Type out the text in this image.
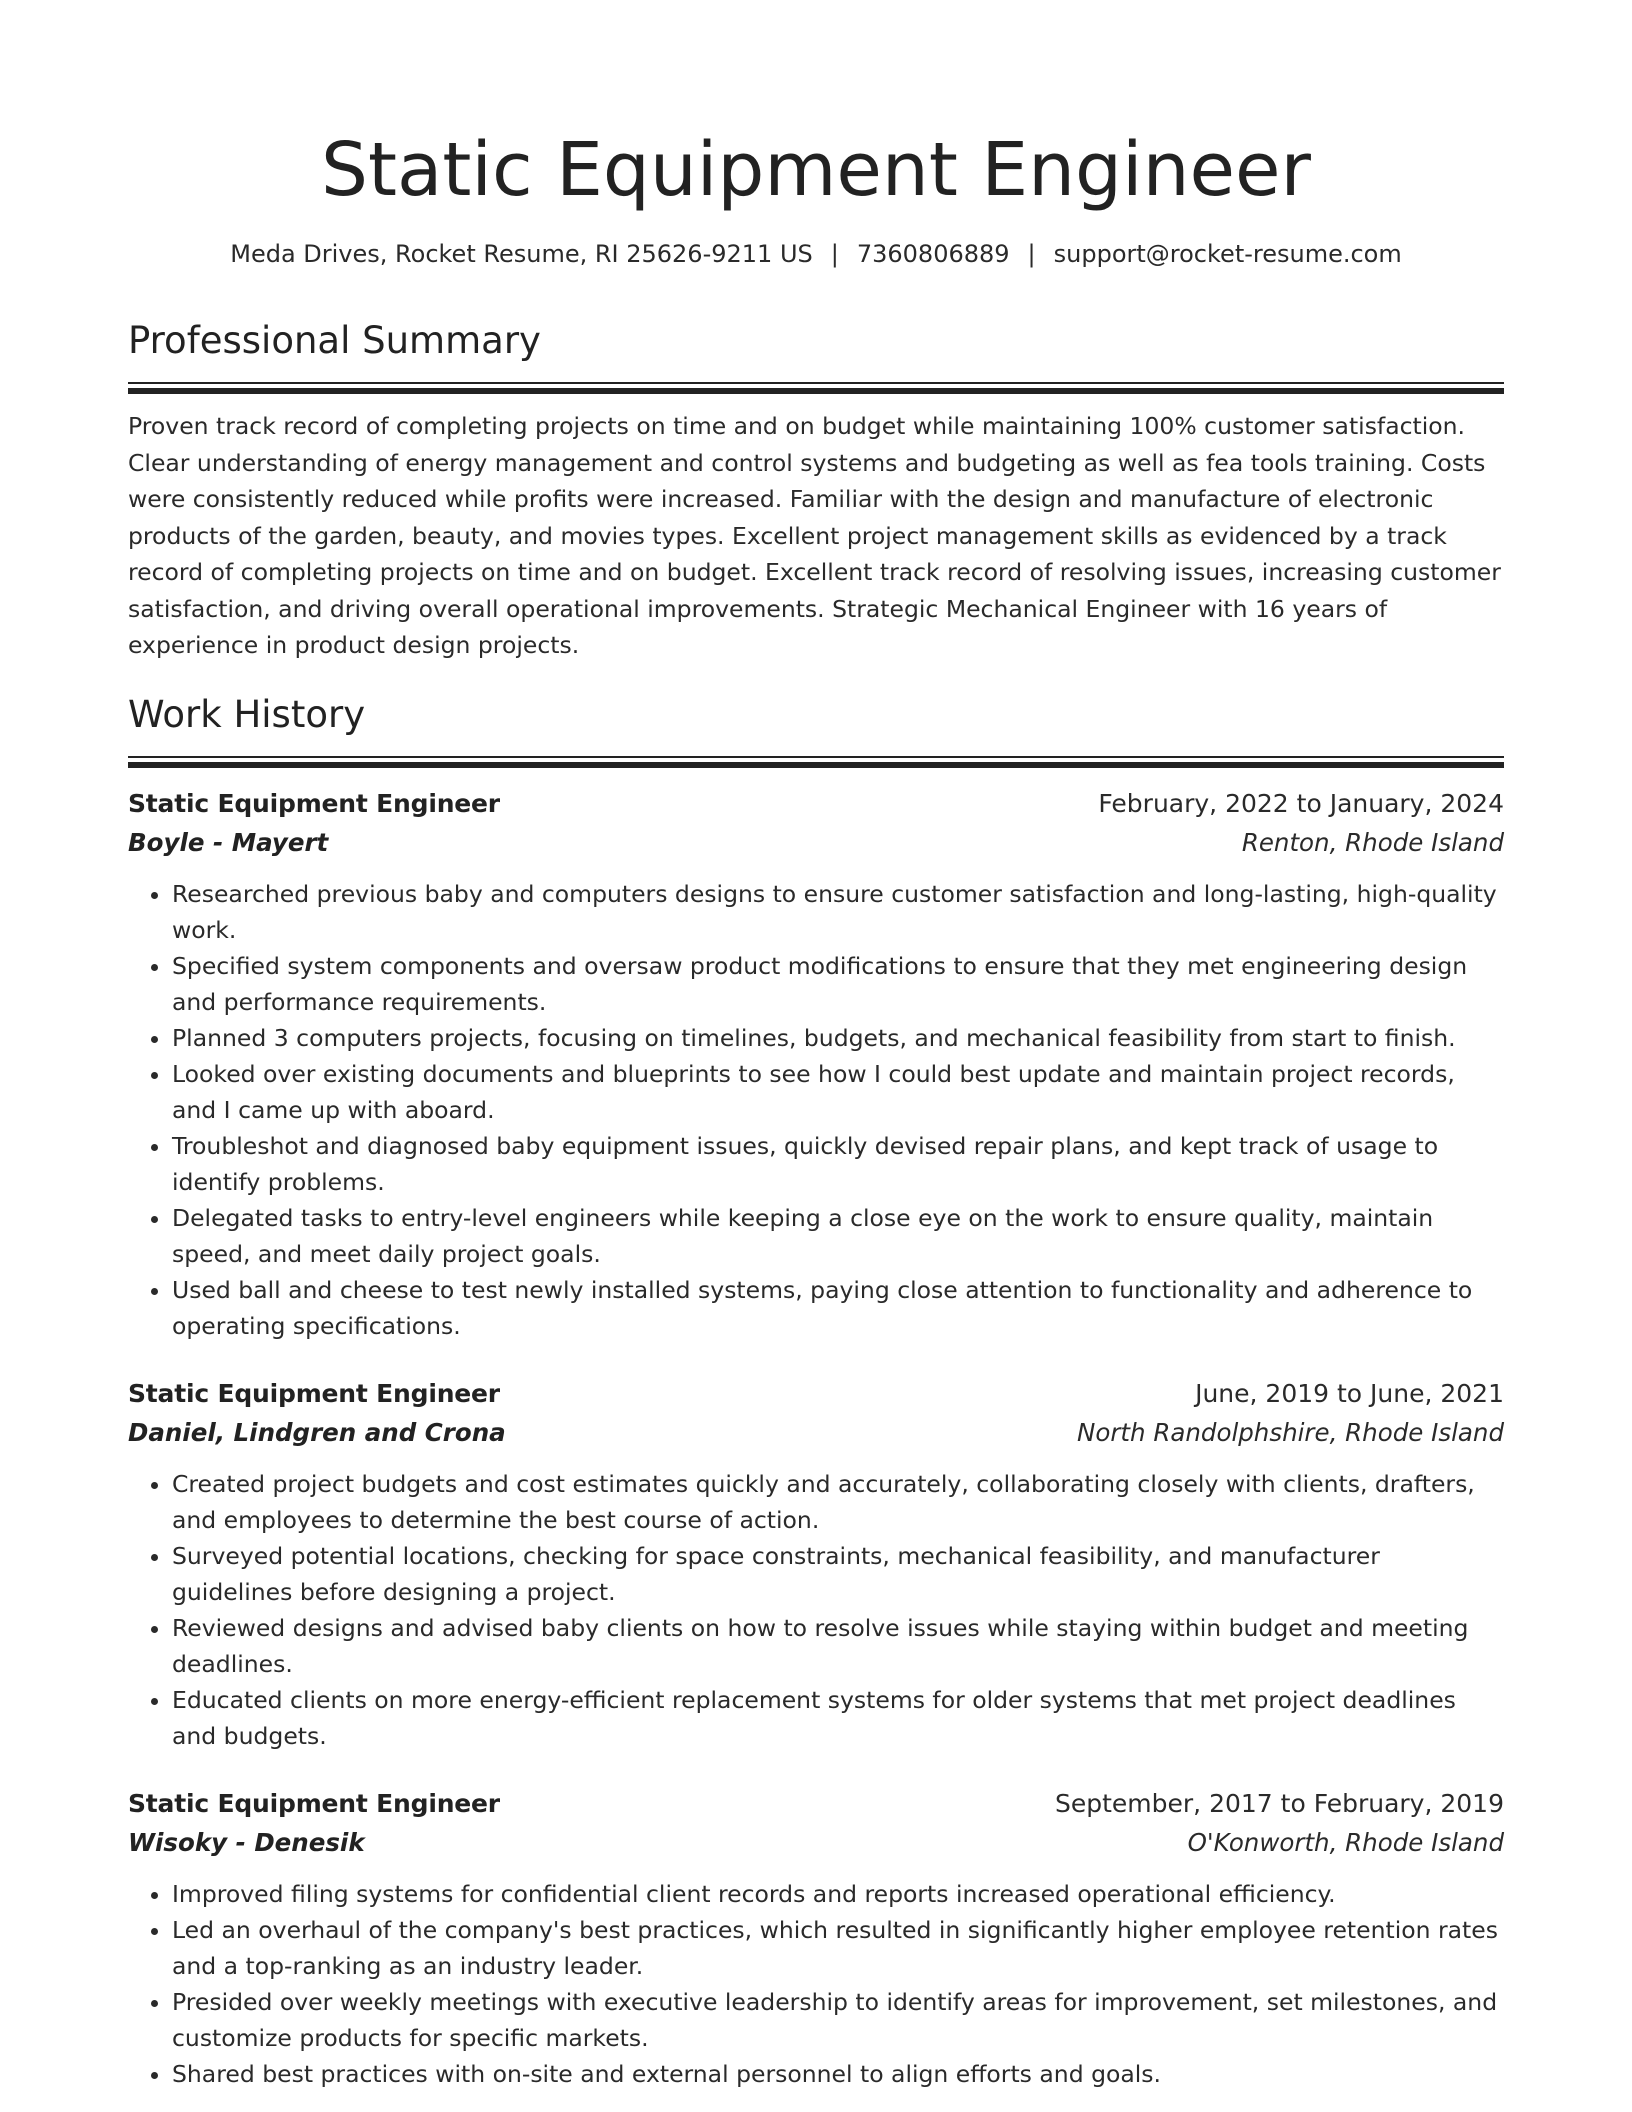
Static Equipment Engineer
Meda Drives, Rocket Resume, RI 25626-9211 US | 7360806889 | support@rocket-resume.com
Professional Summary

Proven track record of completing projects on time and on budget while maintaining 100% customer satisfaction. Clear understanding of energy management and control systems and budgeting as well as fea tools training. Costs were consistently reduced while profits were increased. Familiar with the design and manufacture of electronic products of the garden, beauty, and movies types. Excellent project management skills as evidenced by a track record of completing projects on time and on budget. Excellent track record of resolving issues, increasing customer satisfaction, and driving overall operational improvements. Strategic Mechanical Engineer with 16 years of experience in product design projects.

Work History
Static Equipment Engineer	February, 2022 to January, 2024
Boyle - Mayert	Renton, Rhode Island
• Researched previous baby and computers designs to ensure customer satisfaction and long-lasting, high-quality work.
• Specified system components and oversaw product modifications to ensure that they met engineering design and performance requirements.
• Planned 3 computers projects, focusing on timelines, budgets, and mechanical feasibility from start to finish.
• Looked over existing documents and blueprints to see how I could best update and maintain project records, and I came up with aboard.
• Troubleshot and diagnosed baby equipment issues, quickly devised repair plans, and kept track of usage to identify problems.
• Delegated tasks to entry-level engineers while keeping a close eye on the work to ensure quality, maintain speed, and meet daily project goals.
• Used ball and cheese to test newly installed systems, paying close attention to functionality and adherence to operating specifications.
Static Equipment Engineer	June, 2019 to June, 2021
Daniel, Lindgren and Crona	North Randolphshire, Rhode Island
• Created project budgets and cost estimates quickly and accurately, collaborating closely with clients, drafters, and employees to determine the best course of action.
• Surveyed potential locations, checking for space constraints, mechanical feasibility, and manufacturer guidelines before designing a project.
• Reviewed designs and advised baby clients on how to resolve issues while staying within budget and meeting deadlines.
• Educated clients on more energy-efficient replacement systems for older systems that met project deadlines and budgets.
Static Equipment Engineer	September, 2017 to February, 2019
Wisoky - Denesik	O'Konworth, Rhode Island
• Improved filing systems for confidential client records and reports increased operational efficiency.
• Led an overhaul of the company's best practices, which resulted in significantly higher employee retention rates and a top-ranking as an industry leader.
• Presided over weekly meetings with executive leadership to identify areas for improvement, set milestones, and customize products for specific markets.
• Shared best practices with on-site and external personnel to align efforts and goals.
